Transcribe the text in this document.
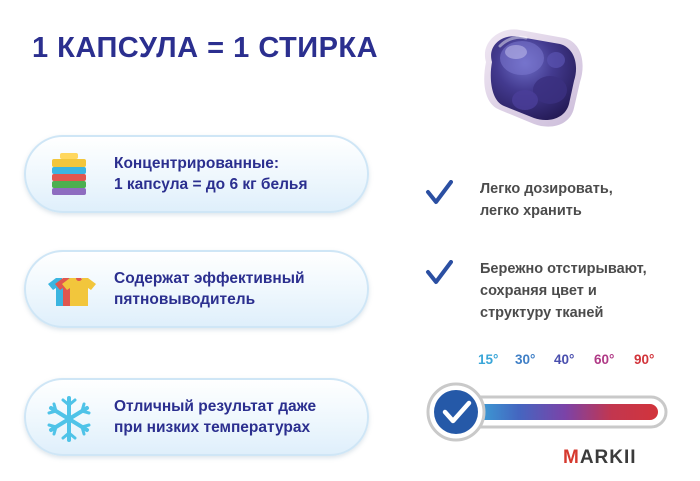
1 КАПСУЛА = 1 СТИРКА
Концентрированные:
1 капсула = до 6 кг белья
Содержат эффективный
пятновыводитель
Отличный результат даже
при низких температурах
Легко дозировать,
легко хранить
Бережно отстирывают,
сохраняя цвет и
структуру тканей
15° 30° 40° 60° 90°
MARKII
